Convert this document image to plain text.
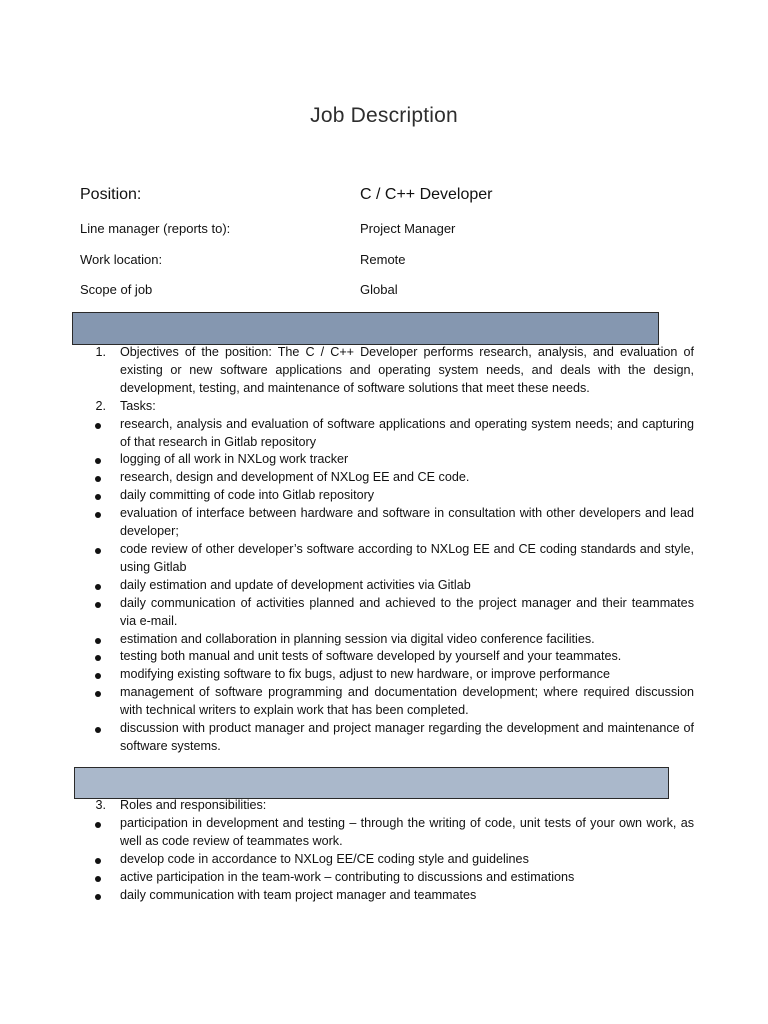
Job Description
Position:	C / C++ Developer
Line manager (reports to):	Project Manager
Work location:	Remote
Scope of job	Global
1. Objectives of the position: The C / C++ Developer performs research, analysis, and evaluation of existing or new software applications and operating system needs, and deals with the design, development, testing, and maintenance of software solutions that meet these needs.
2. Tasks:
research, analysis and evaluation of software applications and operating system needs; and capturing of that research in Gitlab repository
logging of all work in NXLog work tracker
research, design and development of NXLog EE and CE code.
daily committing of code into Gitlab repository
evaluation of interface between hardware and software in consultation with other developers and lead developer;
code review of other developer’s software according to NXLog EE and CE coding standards and style, using Gitlab
daily estimation and update of development activities via Gitlab
daily communication of activities planned and achieved to the project manager and their teammates via e-mail.
estimation and collaboration in planning session via digital video conference facilities.
testing both manual and unit tests of software developed by yourself and your teammates.
modifying existing software to fix bugs, adjust to new hardware, or improve performance
management of software programming and documentation development; where required discussion with technical writers to explain work that has been completed.
discussion with product manager and project manager regarding the development and maintenance of software systems.
3. Roles and responsibilities:
participation in development and testing – through the writing of code, unit tests of your own work, as well as code review of teammates work.
develop code in accordance to NXLog EE/CE coding style and guidelines
active participation in the team-work – contributing to discussions and estimations
daily communication with team project manager and teammates
